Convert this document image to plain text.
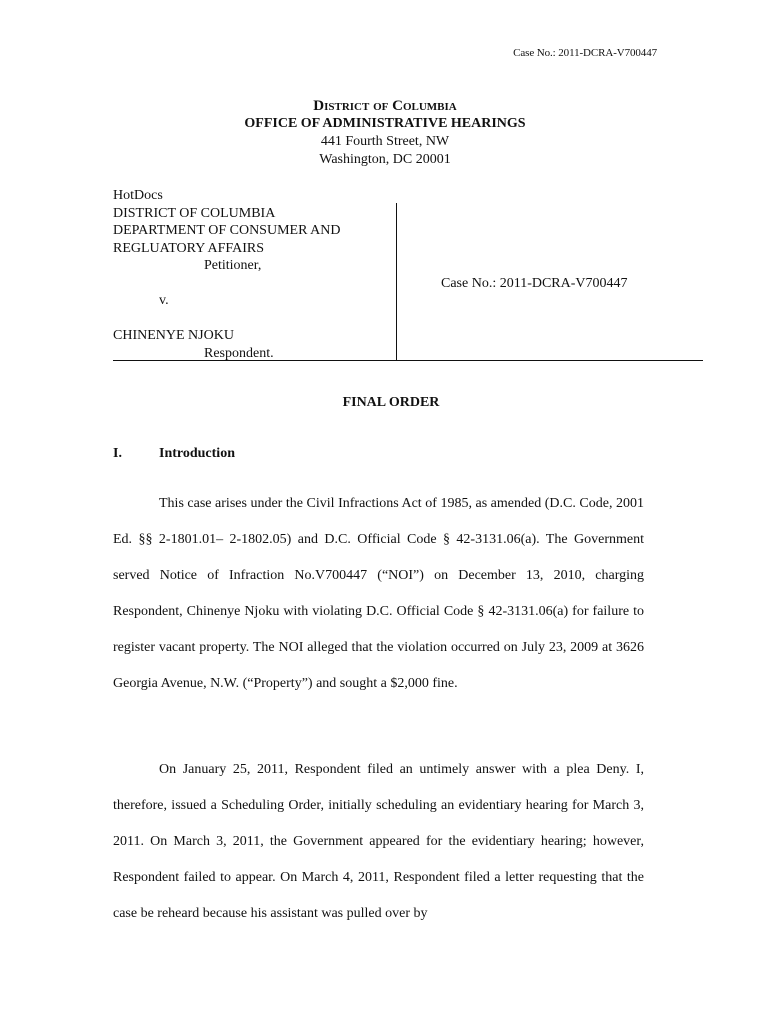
Case No.: 2011-DCRA-V700447
District of Columbia
OFFICE OF ADMINISTRATIVE HEARINGS
441 Fourth Street, NW
Washington, DC 20001
HotDocs
DISTRICT OF COLUMBIA
DEPARTMENT OF CONSUMER AND
REGLUATORY AFFAIRS
Petitioner,
v.
CHINENYE NJOKU
Respondent.
Case No.: 2011-DCRA-V700447
FINAL ORDER
I.	Introduction

This case arises under the Civil Infractions Act of 1985, as amended (D.C. Code, 2001 Ed. §§ 2-1801.01– 2-1802.05) and D.C. Official Code § 42-3131.06(a). The Government served Notice of Infraction No.V700447 (“NOI”) on December 13, 2010, charging Respondent, Chinenye Njoku with violating D.C. Official Code § 42-3131.06(a) for failure to register vacant property. The NOI alleged that the violation occurred on July 23, 2009 at 3626 Georgia Avenue, N.W. (“Property”) and sought a $2,000 fine.

On January 25, 2011, Respondent filed an untimely answer with a plea Deny. I, therefore, issued a Scheduling Order, initially scheduling an evidentiary hearing for March 3, 2011. On March 3, 2011, the Government appeared for the evidentiary hearing; however, Respondent failed to appear. On March 4, 2011, Respondent filed a letter requesting that the case be reheard because his assistant was pulled over by
